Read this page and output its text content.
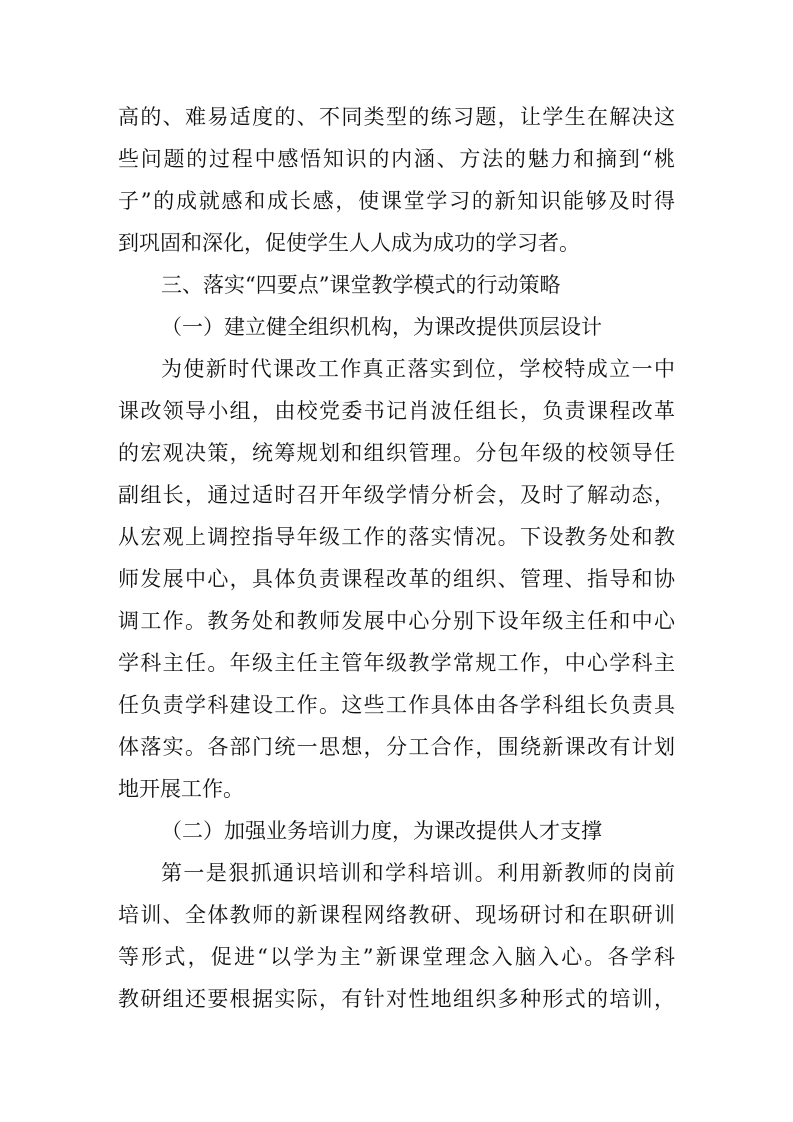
高的、难易适度的、不同类型的练习题，让学生在解决这
些问题的过程中感悟知识的内涵、方法的魅力和摘到“桃
子”的成就感和成长感，使课堂学习的新知识能够及时得
到巩固和深化，促使学生人人成为成功的学习者。
三、落实“四要点”课堂教学模式的行动策略
（一）建立健全组织机构，为课改提供顶层设计
为使新时代课改工作真正落实到位，学校特成立一中
课改领导小组，由校党委书记肖波任组长，负责课程改革
的宏观决策，统筹规划和组织管理。分包年级的校领导任
副组长，通过适时召开年级学情分析会，及时了解动态，
从宏观上调控指导年级工作的落实情况。下设教务处和教
师发展中心，具体负责课程改革的组织、管理、指导和协
调工作。教务处和教师发展中心分别下设年级主任和中心
学科主任。年级主任主管年级教学常规工作，中心学科主
任负责学科建设工作。这些工作具体由各学科组长负责具
体落实。各部门统一思想，分工合作，围绕新课改有计划
地开展工作。
（二）加强业务培训力度，为课改提供人才支撑
第一是狠抓通识培训和学科培训。利用新教师的岗前
培训、全体教师的新课程网络教研、现场研讨和在职研训
等形式，促进“以学为主”新课堂理念入脑入心。各学科
教研组还要根据实际，有针对性地组织多种形式的培训，
